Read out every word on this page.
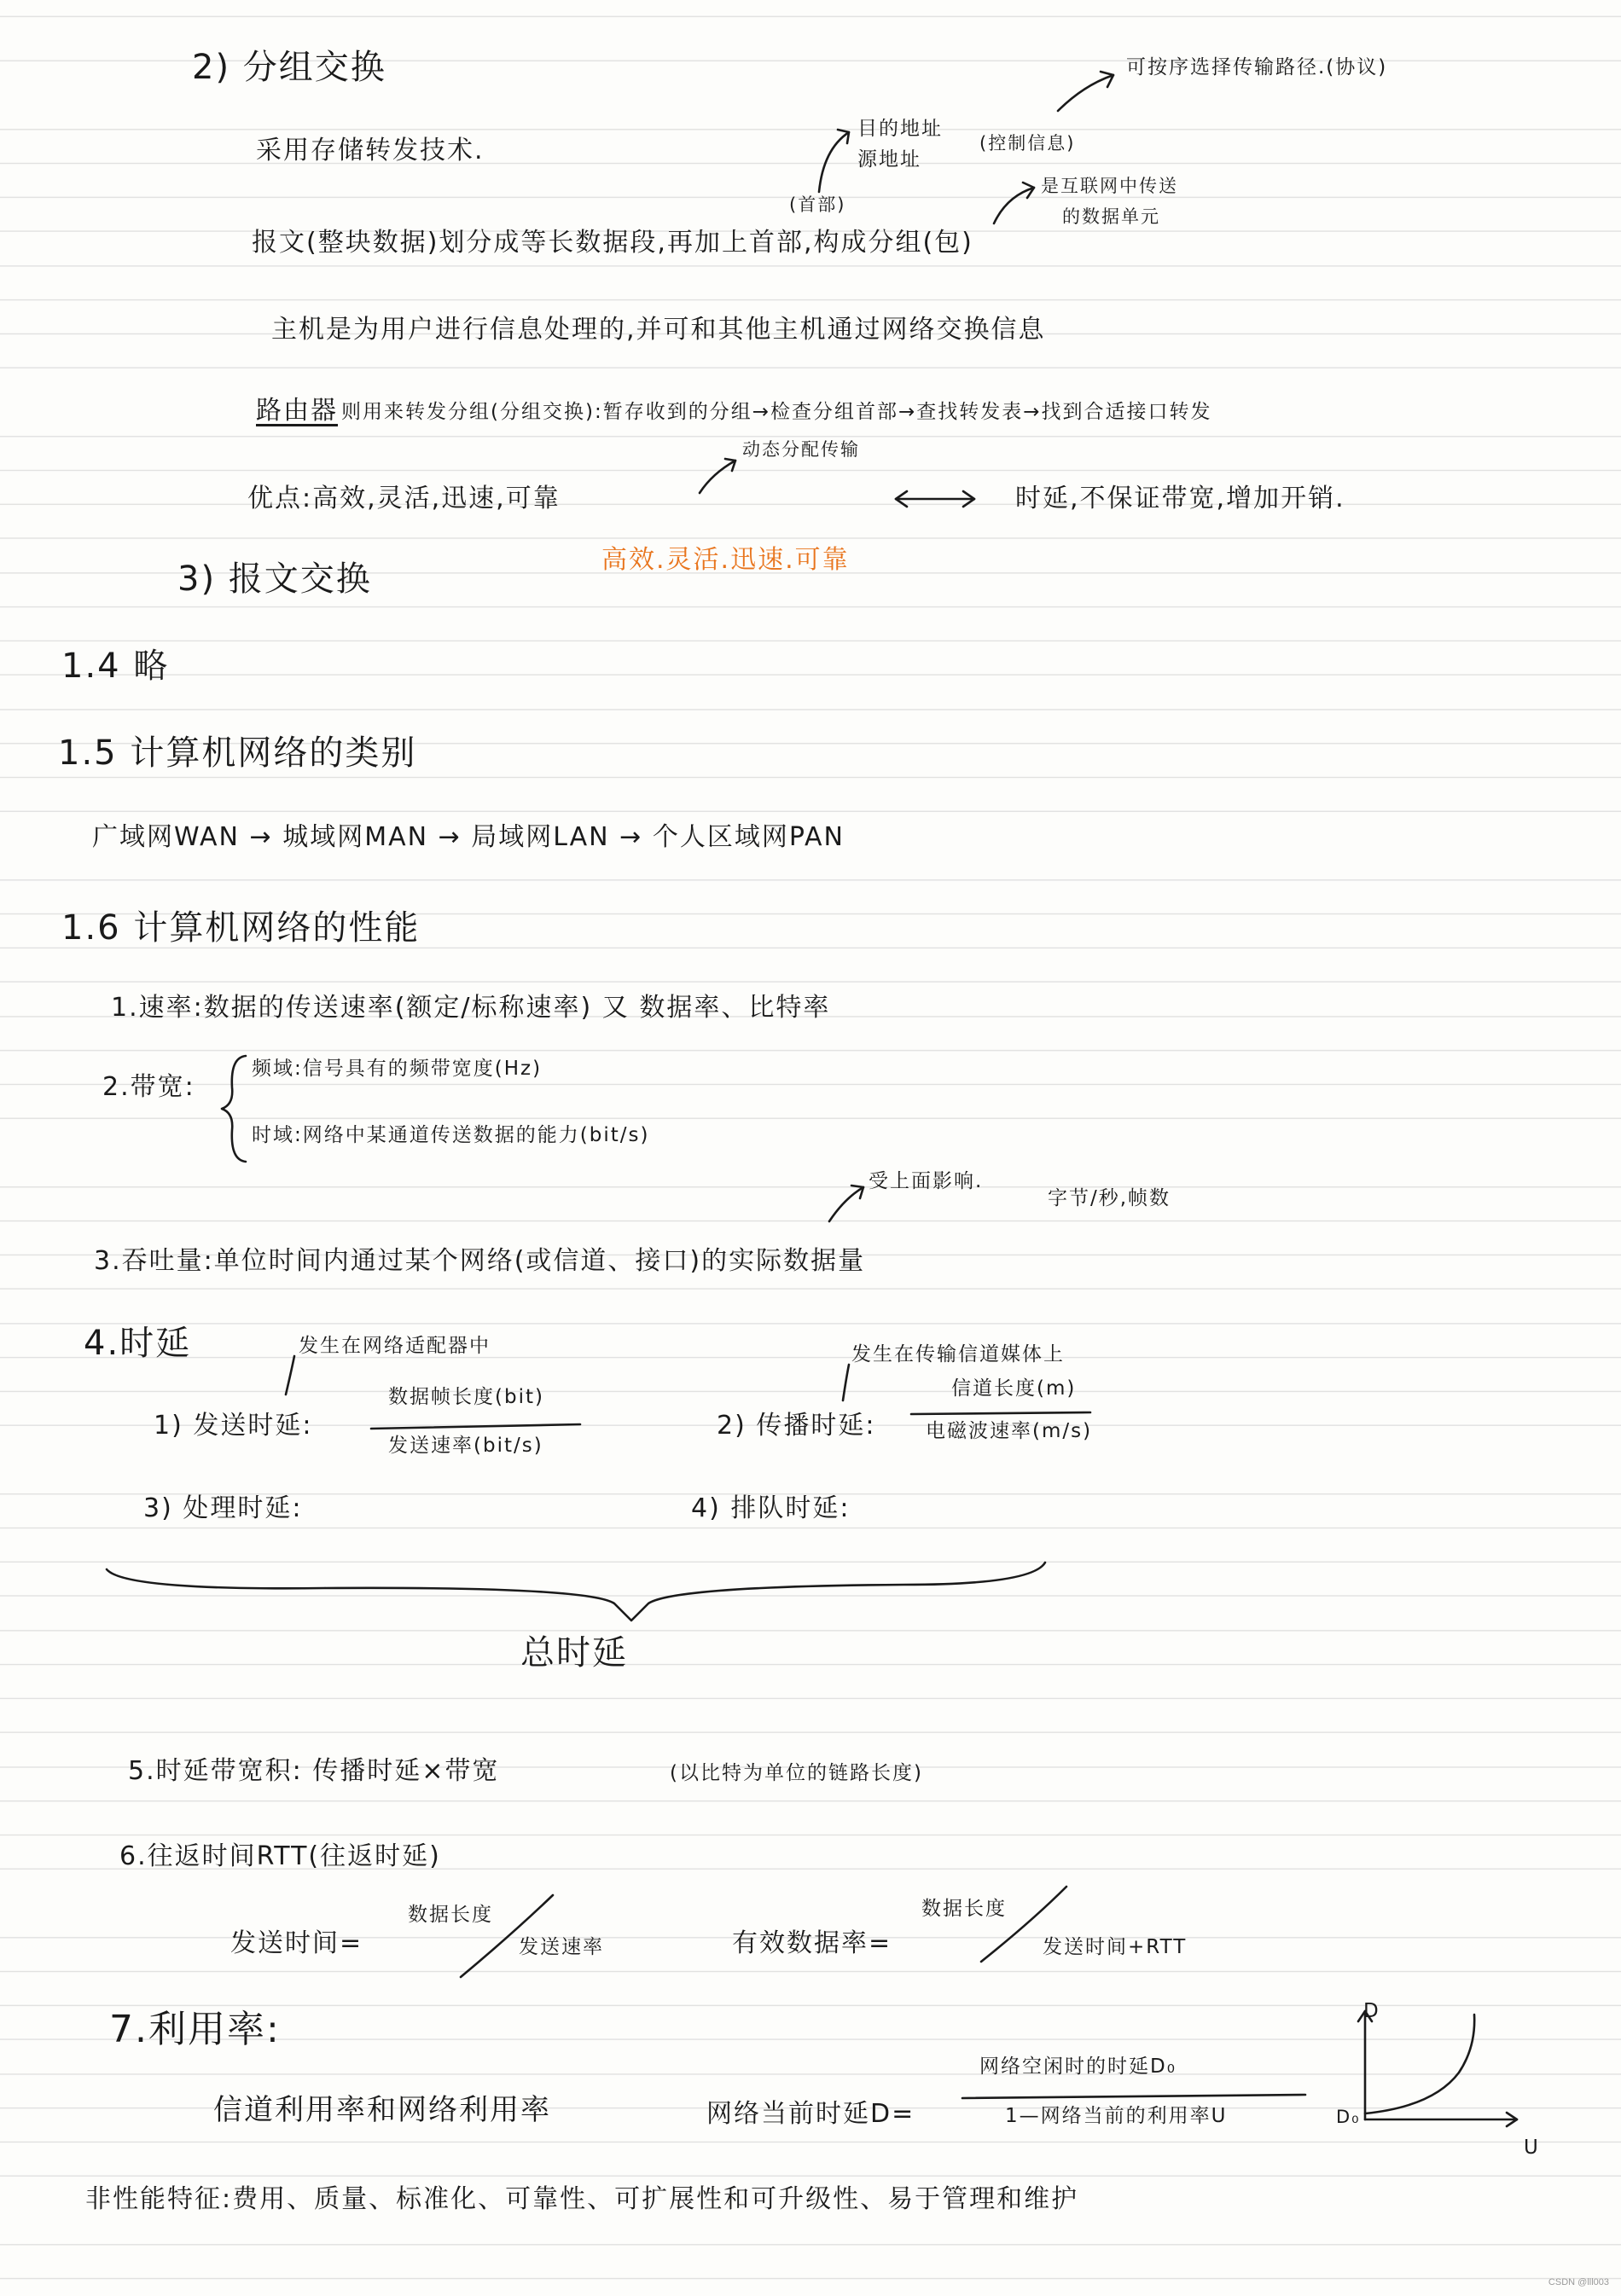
2) 分组交换	可按序选择传输路径.(协议)
采用存储转发技术.
目的地址
源地址
(控制信息)
(首部)
是互联网中传送
的数据单元
报文(整块数据)划分成等长数据段,再加上首部,构成分组(包)
主机是为用户进行信息处理的,并可和其他主机通过网络交换信息
路由器 则用来转发分组(分组交换):暂存收到的分组→检查分组首部→查找转发表→找到合适接口转发
动态分配传输
优点:高效,灵活,迅速,可靠	时延,不保证带宽,增加开销.
3) 报文交换	高效.灵活.迅速.可靠
1.4 略
1.5 计算机网络的类别
广域网WAN → 城域网MAN → 局域网LAN → 个人区域网PAN
1.6 计算机网络的性能
1.速率:数据的传送速率(额定/标称速率) 又 数据率、比特率
2.带宽:
频域:信号具有的频带宽度(Hz)
时域:网络中某通道传送数据的能力(bit/s)
受上面影响.
字节/秒,帧数
3.吞吐量:单位时间内通过某个网络(或信道、接口)的实际数据量
4.时延	发生在网络适配器中
1) 发送时延:
数据帧长度(bit)
发送速率(bit/s)
发生在传输信道媒体上
2) 传播时延:
信道长度(m)
电磁波速率(m/s)
3) 处理时延:	4) 排队时延:
总时延
5.时延带宽积: 传播时延×带宽	(以比特为单位的链路长度)
6.往返时间RTT(往返时延)
发送时间=
数据长度
发送速率	有效数据率=
数据长度
发送时间+RTT
7.利用率:
信道利用率和网络利用率	网络当前时延D=
网络空闲时的时延D₀
1—网络当前的利用率U
D
D₀
U
非性能特征:费用、质量、标准化、可靠性、可扩展性和可升级性、易于管理和维护
CSDN @lll003
